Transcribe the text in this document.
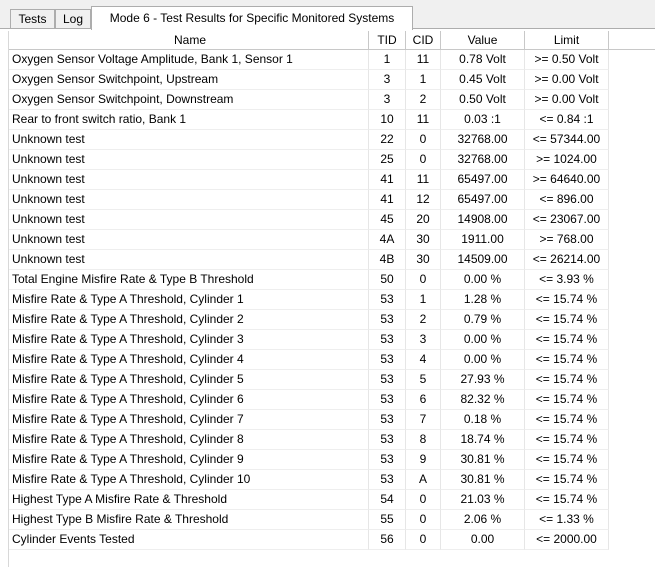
Tests	Log	Mode 6 - Test Results for Specific Monitored Systems
Name	TID	CID	Value	Limit
Oxygen Sensor Voltage Amplitude, Bank 1, Sensor 1	1	11	0.78 Volt	>= 0.50 Volt
Oxygen Sensor Switchpoint, Upstream	3	1	0.45 Volt	>= 0.00 Volt
Oxygen Sensor Switchpoint, Downstream	3	2	0.50 Volt	>= 0.00 Volt
Rear to front switch ratio, Bank 1	10	11	0.03 :1	<= 0.84 :1
Unknown test	22	0	32768.00	<= 57344.00
Unknown test	25	0	32768.00	>= 1024.00
Unknown test	41	11	65497.00	>= 64640.00
Unknown test	41	12	65497.00	<= 896.00
Unknown test	45	20	14908.00	<= 23067.00
Unknown test	4A	30	1911.00	>= 768.00
Unknown test	4B	30	14509.00	<= 26214.00
Total Engine Misfire Rate & Type B Threshold	50	0	0.00 %	<= 3.93 %
Misfire Rate & Type A Threshold, Cylinder 1	53	1	1.28 %	<= 15.74 %
Misfire Rate & Type A Threshold, Cylinder 2	53	2	0.79 %	<= 15.74 %
Misfire Rate & Type A Threshold, Cylinder 3	53	3	0.00 %	<= 15.74 %
Misfire Rate & Type A Threshold, Cylinder 4	53	4	0.00 %	<= 15.74 %
Misfire Rate & Type A Threshold, Cylinder 5	53	5	27.93 %	<= 15.74 %
Misfire Rate & Type A Threshold, Cylinder 6	53	6	82.32 %	<= 15.74 %
Misfire Rate & Type A Threshold, Cylinder 7	53	7	0.18 %	<= 15.74 %
Misfire Rate & Type A Threshold, Cylinder 8	53	8	18.74 %	<= 15.74 %
Misfire Rate & Type A Threshold, Cylinder 9	53	9	30.81 %	<= 15.74 %
Misfire Rate & Type A Threshold, Cylinder 10	53	A	30.81 %	<= 15.74 %
Highest Type A Misfire Rate & Threshold	54	0	21.03 %	<= 15.74 %
Highest Type B Misfire Rate & Threshold	55	0	2.06 %	<= 1.33 %
Cylinder Events Tested	56	0	0.00	<= 2000.00
